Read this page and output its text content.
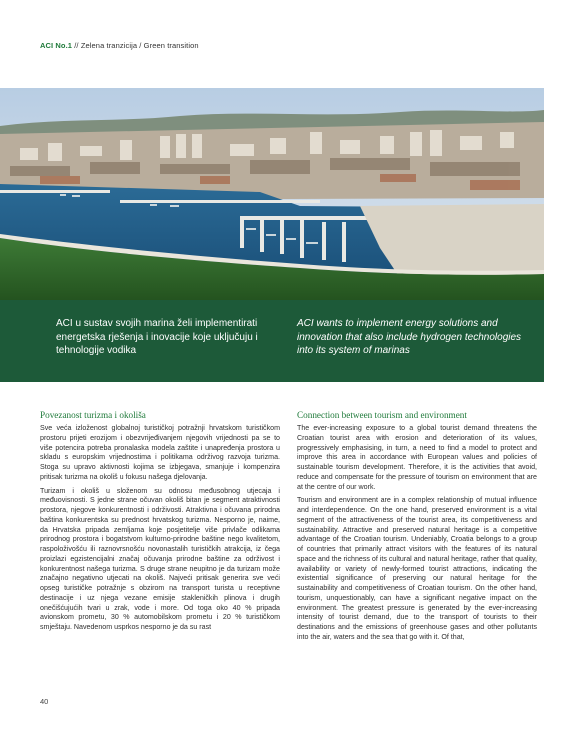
ACI No.1 // Zelena tranzicija / Green transition
ACI u sustav svojih marina želi implementirati energetska rješenja i inovacije koje uključuju i tehnologije vodika
ACI wants to implement energy solutions and innovation that also include hydrogen technologies into its system of marinas
Povezanost turizma i okoliša

Sve veća izloženost globalnoj turističkoj potražnji hrvatskom turističkom prostoru prijeti erozijom i obezvrijeđivanjem njegovih vrijednosti pa se to više potencira potreba pronalaska modela zaštite i unapređenja prostora u skladu s europskim vrijednostima i politikama održivog razvoja turizma. Stoga su upravo aktivnosti kojima se izbjegava, smanjuje i kompenzira pritisak turizma na okoliš u fokusu našega djelovanja.

Turizam i okoliš u složenom su odnosu međusobnog utjecaja i međuovisnosti. S jedne strane očuvan okoliš bitan je segment atraktivnosti prostora, njegove konkurentnosti i održivosti. Atraktivna i očuvana prirodna baština konkurentska su prednost hrvatskog turizma. Nesporno je, naime, da Hrvatska pripada zemljama koje posjetitelje više privlače odlikama prirodnog prostora i bogatstvom kulturno-prirodne baštine nego kvalitetom, raspoloživošću ili raznovrsnošću novonastalih turističkih atrakcija, iz čega proizlazi egzistencijalni značaj očuvanja prirodne baštine za održivost i konkurentnost našega turizma. S druge strane neupitno je da turizam može značajno negativno utjecati na okoliš. Najveći pritisak generira sve veći opseg turističke potražnje s obzirom na transport turista u receptivne destinacije i uz njega vezane emisije stakleničkih plinova i drugih onečišćujućih tvari u zrak, vode i more. Od toga oko 40 % pripada avionskom prometu, 30 % automobilskom prometu i 20 % turističkom smještaju. Navedenom usprkos nesporno je da su rast

Connection between tourism and environment

The ever-increasing exposure to a global tourist demand threatens the Croatian tourist area with erosion and deterioration of its values, progressively emphasising, in turn, a need to find a model to protect and improve this area in accordance with European values and policies of sustainable tourism development. Therefore, it is the activities that avoid, reduce and compensate for the pressure of tourism on environment that are at the centre of our work.

Tourism and environment are in a complex relationship of mutual influence and interdependence. On the one hand, preserved environment is a vital segment of the attractiveness of the tourist area, its competitiveness and sustainability. Attractive and preserved natural heritage is a competitive advantage of the Croatian tourism. Undeniably, Croatia belongs to a group of countries that primarily attract visitors with the features of its natural space and the richness of its cultural and natural heritage, rather that quality, availability or variety of newly-formed tourist attractions, indicating the existential significance of preserving our natural heritage for the sustainability and competitiveness of Croatian tourism. On the other hand, tourism, unquestionably, can have a significant negative impact on the environment. The greatest pressure is generated by the ever-increasing intensity of tourist demand, due to the transport of tourists to their destinations and the emissions of greenhouse gases and other pollutants into the air, waters and the sea that go with it. Of that,

40
